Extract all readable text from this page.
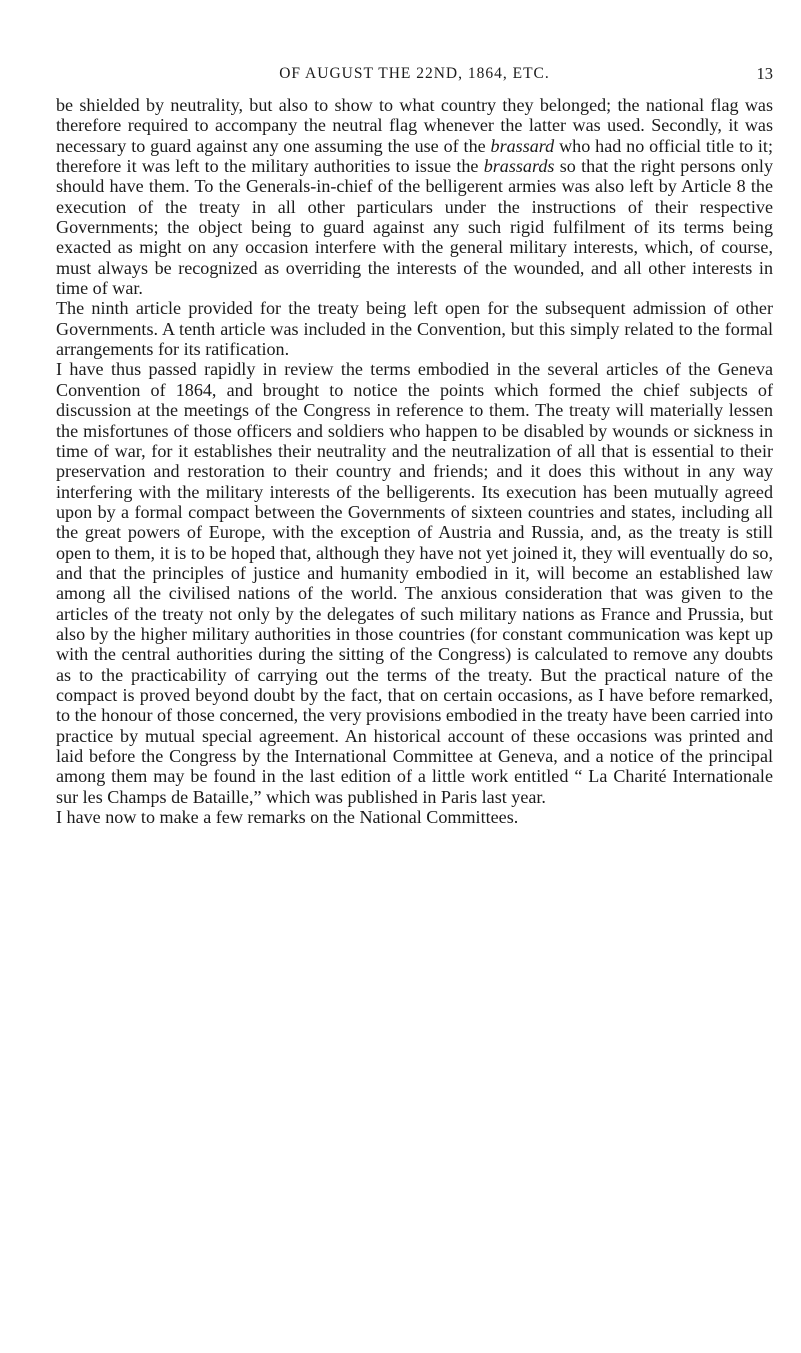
OF AUGUST THE 22ND, 1864, ETC.	13

be shielded by neutrality, but also to show to what country they belonged; the national flag was therefore required to accompany the neutral flag whenever the latter was used. Secondly, it was necessary to guard against any one assuming the use of the brassard who had no official title to it; therefore it was left to the military authorities to issue the brassards so that the right persons only should have them. To the Generals-in-chief of the belligerent armies was also left by Article 8 the execution of the treaty in all other particulars under the instructions of their respective Governments; the object being to guard against any such rigid fulfilment of its terms being exacted as might on any occasion interfere with the general military interests, which, of course, must always be recognized as overriding the interests of the wounded, and all other interests in time of war.

The ninth article provided for the treaty being left open for the subsequent admission of other Governments. A tenth article was included in the Convention, but this simply related to the formal arrangements for its ratification.

I have thus passed rapidly in review the terms embodied in the several articles of the Geneva Convention of 1864, and brought to notice the points which formed the chief subjects of discussion at the meetings of the Congress in reference to them. The treaty will materially lessen the misfortunes of those officers and soldiers who happen to be disabled by wounds or sickness in time of war, for it establishes their neutrality and the neutralization of all that is essential to their preservation and restoration to their country and friends; and it does this without in any way interfering with the military interests of the belligerents. Its execution has been mutually agreed upon by a formal compact between the Governments of sixteen countries and states, including all the great powers of Europe, with the exception of Austria and Russia, and, as the treaty is still open to them, it is to be hoped that, although they have not yet joined it, they will eventually do so, and that the principles of justice and humanity embodied in it, will become an established law among all the civilised nations of the world. The anxious consideration that was given to the articles of the treaty not only by the delegates of such military nations as France and Prussia, but also by the higher military authorities in those countries (for constant communication was kept up with the central authorities during the sitting of the Congress) is calculated to remove any doubts as to the practicability of carrying out the terms of the treaty. But the practical nature of the compact is proved beyond doubt by the fact, that on certain occasions, as I have before remarked, to the honour of those concerned, the very provisions embodied in the treaty have been carried into practice by mutual special agreement. An historical account of these occasions was printed and laid before the Congress by the International Committee at Geneva, and a notice of the principal among them may be found in the last edition of a little work entitled “ La Charité Internationale sur les Champs de Bataille,” which was published in Paris last year.

I have now to make a few remarks on the National Committees.
